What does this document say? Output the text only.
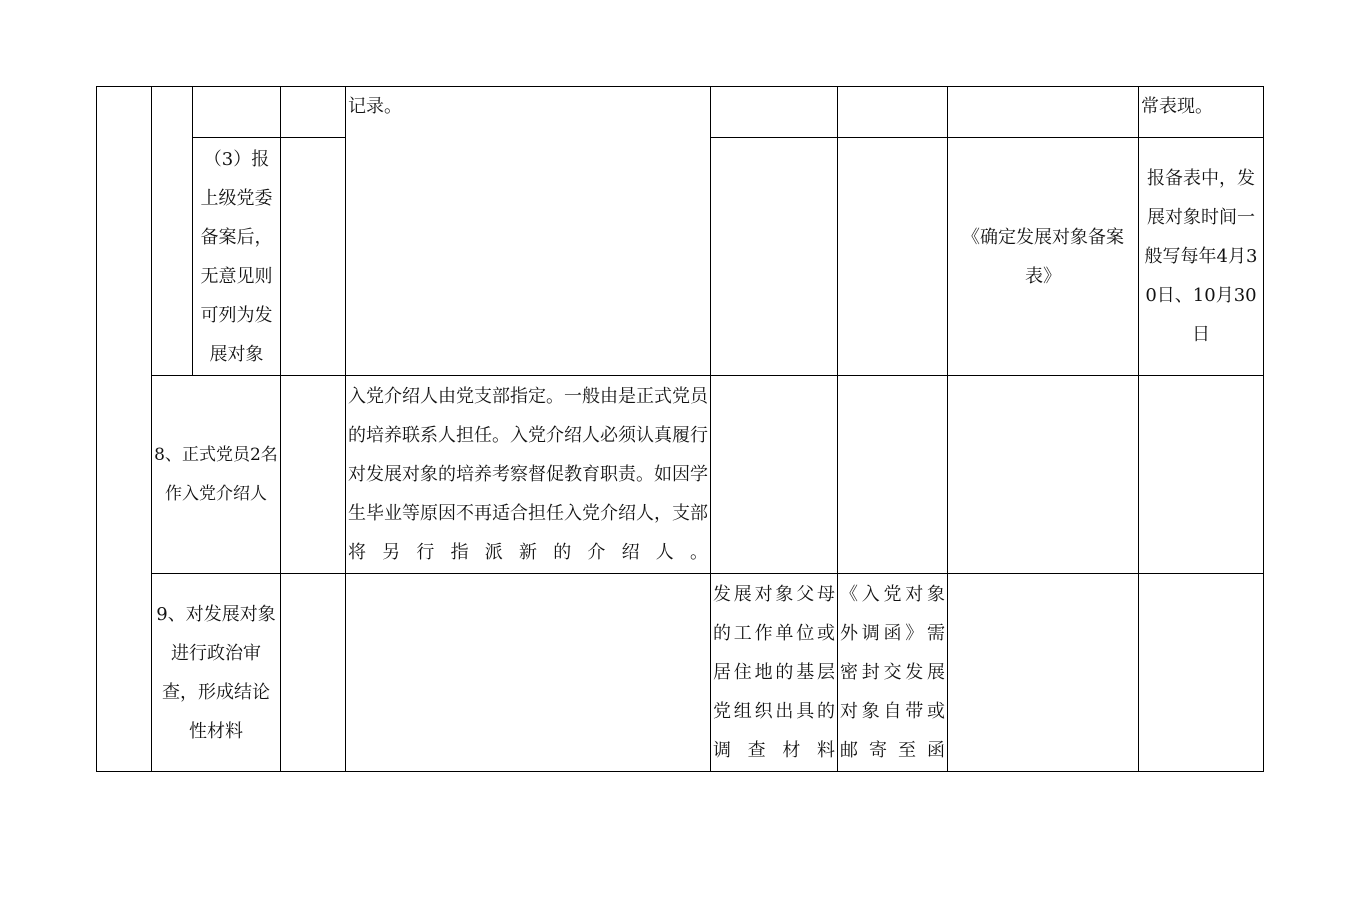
				记录。				常表现。

		（3）报上级党委备案后，无意见则可列为发展对象					《确定发展对象备案表》	报备表中，发展对象时间一般写每年4月30日、10月30日

	8、正式党员2名作入党介绍人			入党介绍人由党支部指定。一般由是正式党员的培养联系人担任。入党介绍人必须认真履行对发展对象的培养考察督促教育职责。如因学生毕业等原因不再适合担任入党介绍人，支部将另行指派新的介绍人。				

	9、对发展对象进行政治审查，形成结论性材料				发展对象父母的工作单位或居住地的基层党组织出具的调查材料	《入党对象外调函》需密封交发展对象自带或邮寄至函		
